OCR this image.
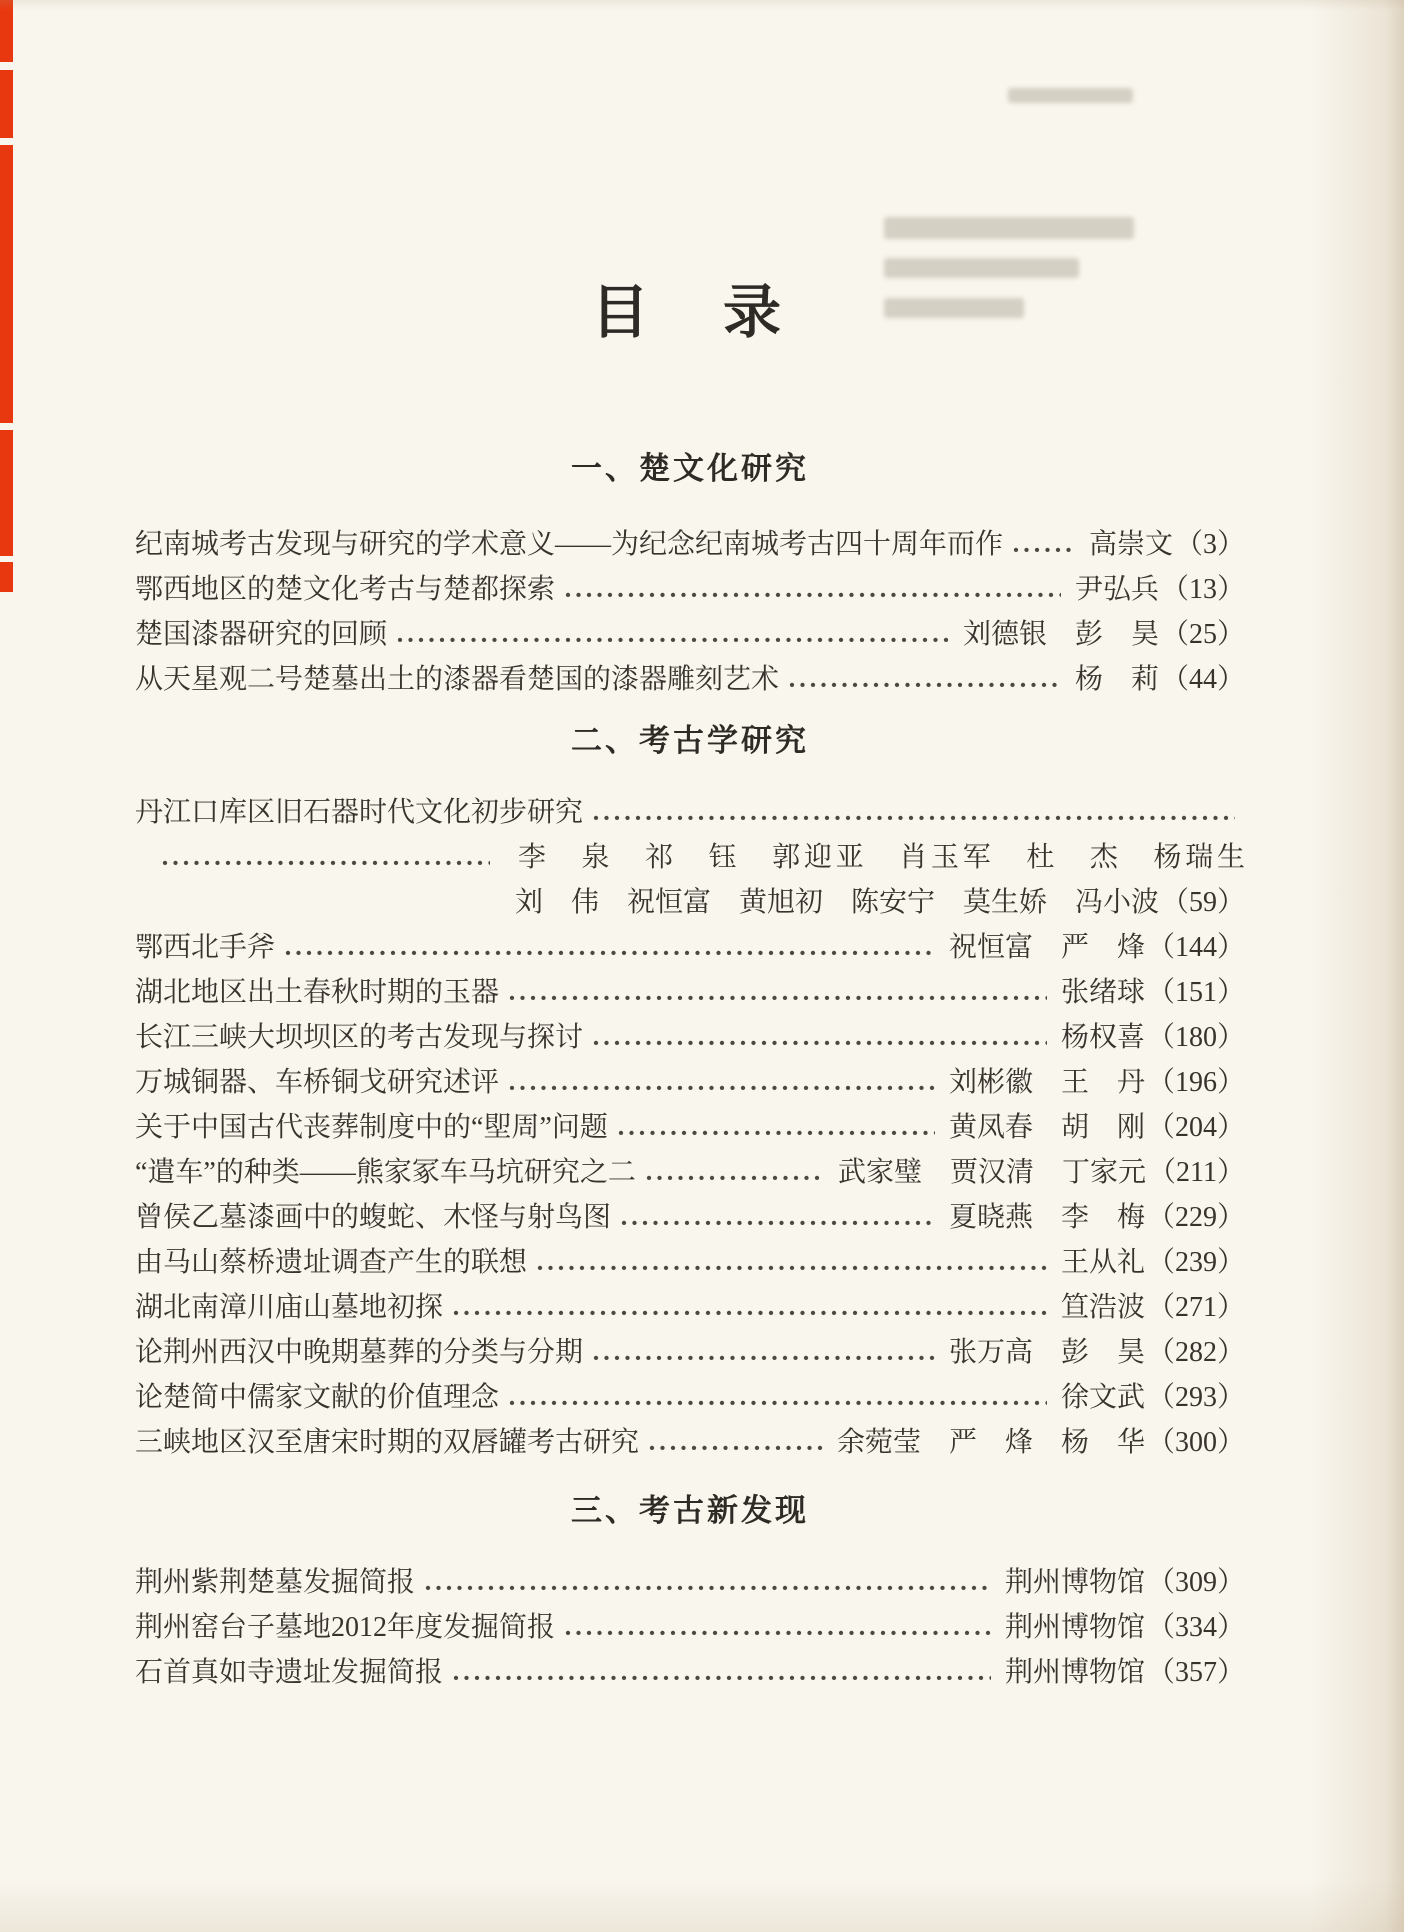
目　录
一、楚文化研究
纪南城考古发现与研究的学术意义——为纪念纪南城考古四十周年而作	高崇文 （3）
鄂西地区的楚文化考古与楚都探索	尹弘兵 （13）
楚国漆器研究的回顾	刘德银　彭　昊 （25）
从天星观二号楚墓出土的漆器看楚国的漆器雕刻艺术	杨　莉 （44）
二、考古学研究
丹江口库区旧石器时代文化初步研究
李　泉　祁　钰　郭迎亚　肖玉军　杜　杰　杨瑞生
刘　伟　祝恒富　黄旭初　陈安宁　莫生娇　冯小波 （59）
鄂西北手斧	祝恒富　严　烽 （144）
湖北地区出土春秋时期的玉器	张绪球 （151）
长江三峡大坝坝区的考古发现与探讨	杨权喜 （180）
万城铜器、车桥铜戈研究述评	刘彬徽　王　丹 （196）
关于中国古代丧葬制度中的“堲周”问题	黄凤春　胡　刚 （204）
“遣车”的种类——熊家冢车马坑研究之二	武家璧　贾汉清　丁家元 （211）
曾侯乙墓漆画中的蝮蛇、木怪与射鸟图	夏晓燕　李　梅 （229）
由马山蔡桥遗址调查产生的联想	王从礼 （239）
湖北南漳川庙山墓地初探	笪浩波 （271）
论荆州西汉中晚期墓葬的分类与分期	张万高　彭　昊 （282）
论楚简中儒家文献的价值理念	徐文武 （293）
三峡地区汉至唐宋时期的双唇罐考古研究	余菀莹　严　烽　杨　华 （300）
三、考古新发现
荆州紫荆楚墓发掘简报	荆州博物馆 （309）
荆州窑台子墓地2012年度发掘简报	荆州博物馆 （334）
石首真如寺遗址发掘简报	荆州博物馆 （357）
